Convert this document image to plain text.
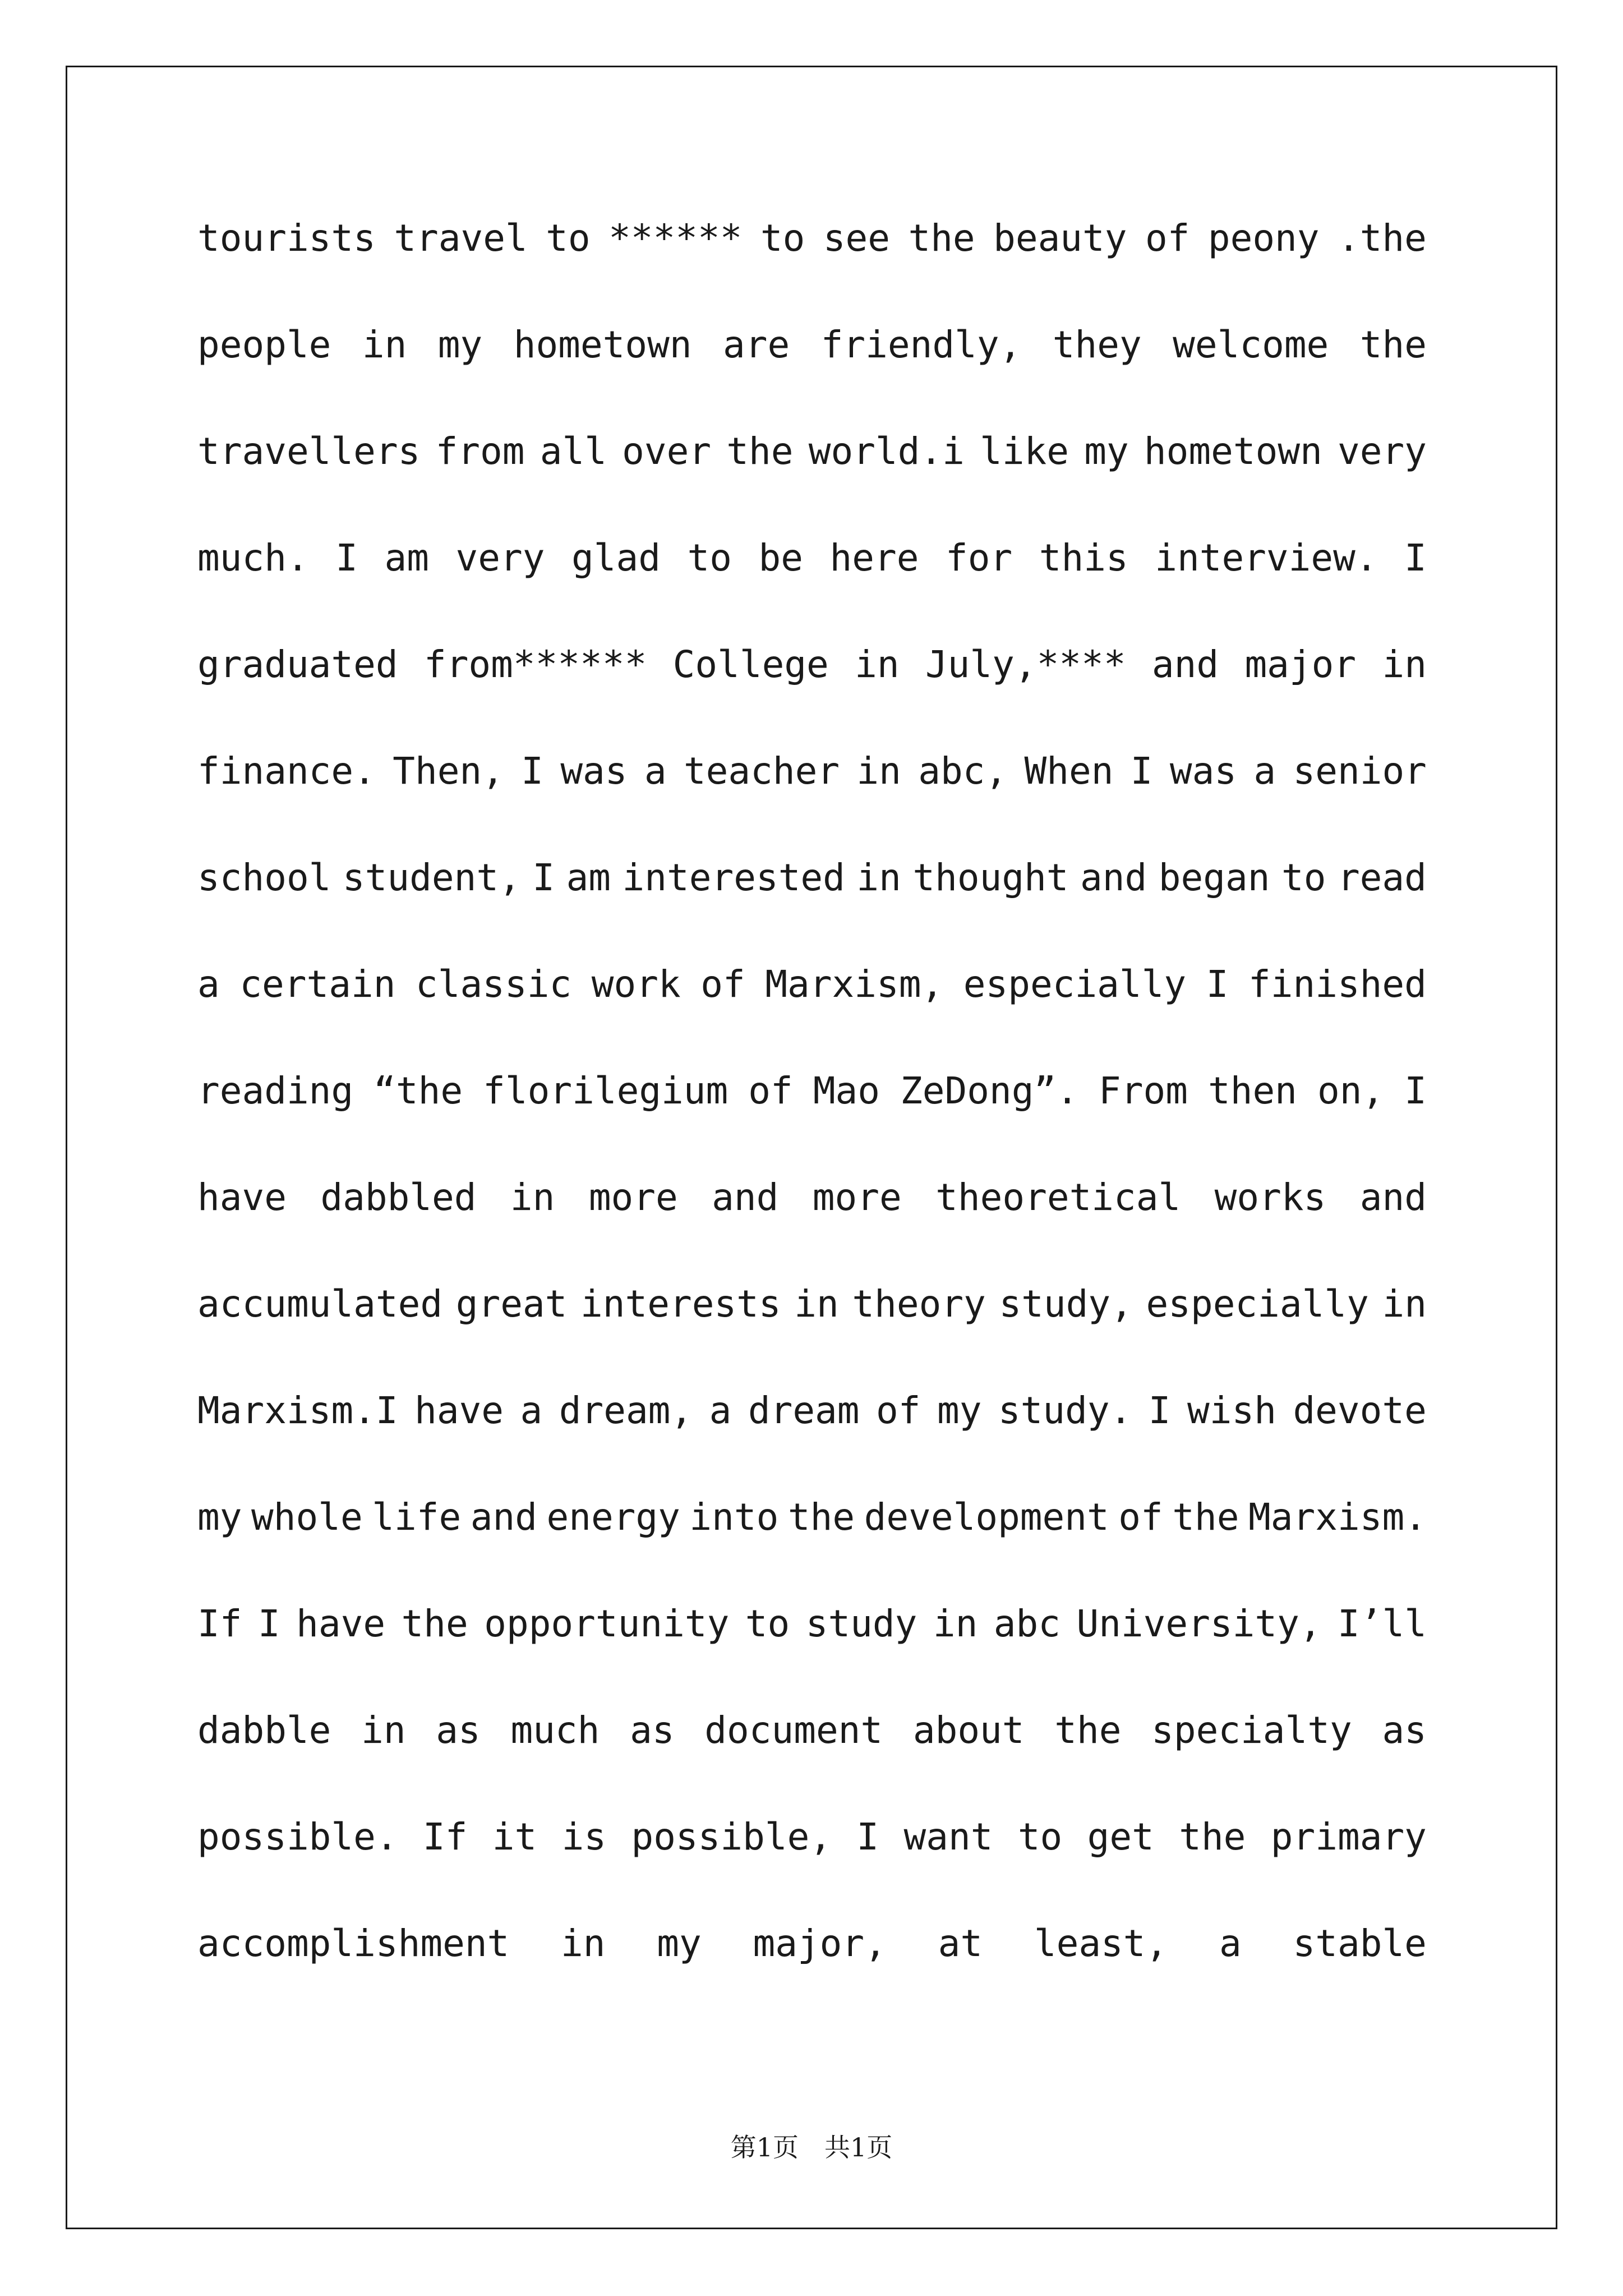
tourists travel to ****** to see the beauty of peony .the
people in my hometown are friendly, they welcome the
travellers from all over the world.i like my hometown very
much. I am very glad to be here for this interview. I
graduated from****** College in July,**** and major in
finance. Then, I was a teacher in abc, When I was a senior
school student, I am interested in thought and began to read
a certain classic work of Marxism, especially I finished
reading “the florilegium of Mao ZeDong”. From then on, I
have dabbled in more and more theoretical works and
accumulated great interests in theory study, especially in
Marxism.I have a dream, a dream of my study. I wish devote
my whole life and energy into the development of the Marxism.
If I have the opportunity to study in abc University, I’ll
dabble in as much as document about the specialty as
possible. If it is possible, I want to get the primary
accomplishment in my major, at least, a stable
第1页　共1页
